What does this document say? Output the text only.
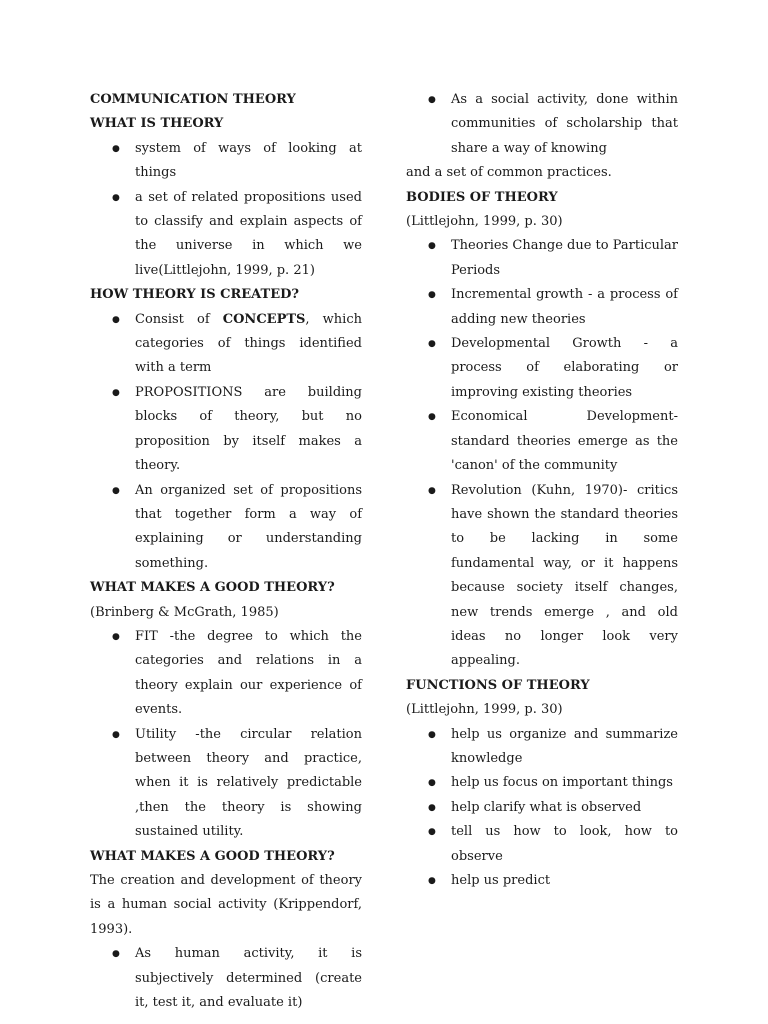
COMMUNICATION THEORY

WHAT IS THEORY

● system of ways of looking at things
● a set of related propositions used to classify and explain aspects of the universe in which we live(Littlejohn, 1999, p. 21)

HOW THEORY IS CREATED?

● Consist of CONCEPTS, which categories of things identified with a term
● PROPOSITIONS are building blocks of theory, but no proposition by itself makes a theory.
● An organized set of propositions that together form a way of explaining or understanding something.

WHAT MAKES A GOOD THEORY?

(Brinberg & McGrath, 1985)

● FIT -the degree to which the categories and relations in a theory explain our experience of events.
● Utility -the circular relation between theory and practice, when it is relatively predictable ,then the theory is showing sustained utility.

WHAT MAKES A GOOD THEORY?

The creation and development of theory is a human social activity (Krippendorf, 1993).

● As human activity, it is subjectively determined (create it, test it, and evaluate it)
● As a social activity, done within communities of scholarship that share a way of knowing

and a set of common practices.

BODIES OF THEORY

(Littlejohn, 1999, p. 30)

● Theories Change due to Particular Periods
● Incremental growth - a process of adding new theories
● Developmental Growth - a process of elaborating or improving existing theories
● Economical Development- standard theories emerge as the 'canon' of the community
● Revolution (Kuhn, 1970)- critics have shown the standard theories to be lacking in some fundamental way, or it happens because society itself changes, new trends emerge , and old ideas no longer look very appealing.

FUNCTIONS OF THEORY

(Littlejohn, 1999, p. 30)

● help us organize and summarize knowledge
● help us focus on important things
● help clarify what is observed
● tell us how to look, how to observe
● help us predict
